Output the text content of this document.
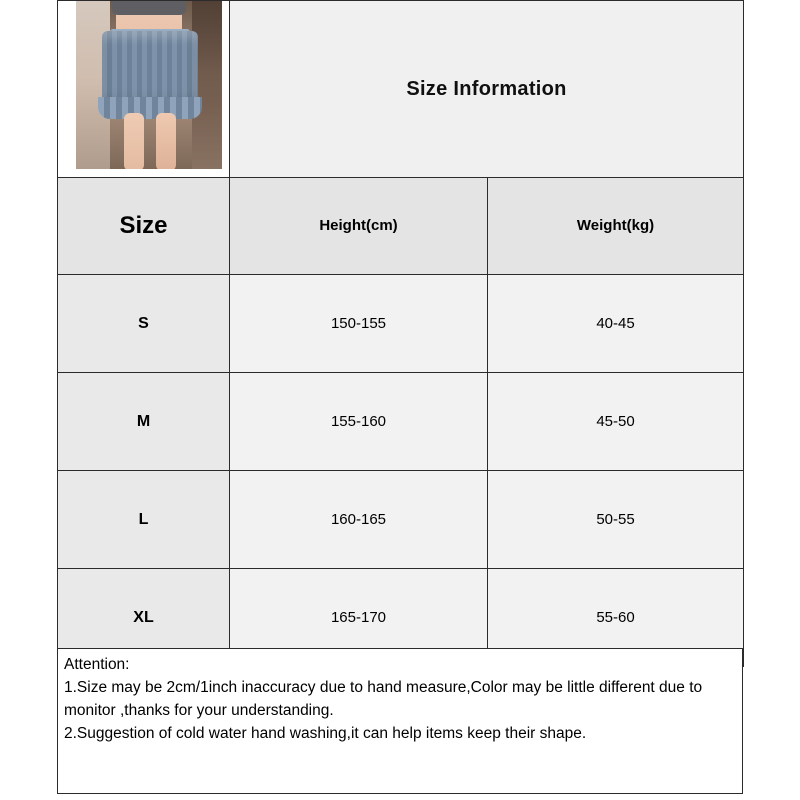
	Size Information	
Size	Height(cm)	Weight(kg)
S	150-155	40-45
M	155-160	45-50
L	160-165	50-55
XL	165-170	55-60

Attention:

1.Size may be 2cm/1inch inaccuracy due to hand measure,Color may be little different due to monitor ,thanks for your understanding.

2.Suggestion of cold water hand washing,it can help items keep their shape.
